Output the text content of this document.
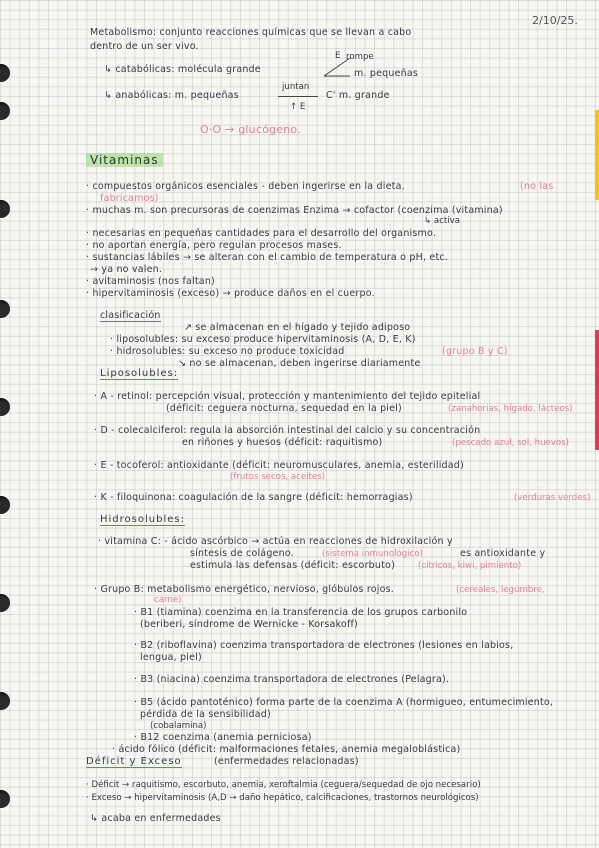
2/10/25.
Metabolismo: conjunto reacciones químicas que se llevan a cabo
dentro de un ser vivo.
↳ catabólicas: molécula grande
rompe
E
m. pequeñas
↳ anabólicas: m. pequeñas
juntan
↑ E
C' m. grande
O·O → glucógeno.
Vitaminas
· compuestos orgánicos esenciales - deben ingerirse en la dieta.	(no las
fabricamos)
· muchas m. son precursoras de coenzimas Enzima → cofactor (coenzima (vitamina)
↳ activa
· necesarias en pequeñas cantidades para el desarrollo del organismo.
· no aportan energía, pero regulan procesos mases.
· sustancias lábiles → se alteran con el cambio de temperatura o pH, etc.
→ ya no valen.
· avitaminosis (nos faltan)
· hipervitaminosis (exceso) → produce daños en el cuerpo.
clasificación
↗ se almacenan en el hígado y tejido adiposo
· liposolubles: su exceso produce hipervitaminosis (A, D, E, K)
· hidrosolubles: su exceso no produce toxicidad	(grupo B y C)
↘ no se almacenan, deben ingerirse diariamente
Liposolubles:
· A - retinol: percepción visual, protección y mantenimiento del tejido epitelial
(déficit: ceguera nocturna, sequedad en la piel)	(zanahorias, hígado, lácteos)
· D - colecalciferol: regula la absorción intestinal del calcio y su concentración
en riñones y huesos (déficit: raquitismo)	(pescado azul, sol, huevos)
· E - tocoferol: antioxidante (déficit: neuromusculares, anemia, esterilidad)
(frutos secos, aceites)
· K - filoquinona: coagulación de la sangre (déficit: hemorragias)	(verduras verdes)
Hidrosolubles:
· vitamina C: - ácido ascórbico → actúa en reacciones de hidroxilación y
síntesis de colágeno.	(sistema inmunológico)	es antioxidante y
estimula las defensas (déficit: escorbuto)	(cítricos, kiwi, pimiento)
· Grupo B: metabolismo energético, nervioso, glóbulos rojos.	(cereales, legumbre,
carne)
· B1 (tiamina) coenzima en la transferencia de los grupos carbonilo
(beriberi, síndrome de Wernicke - Korsakoff)
· B2 (riboflavina) coenzima transportadora de electrones (lesiones en labios,
lengua, piel)
· B3 (niacina) coenzima transportadora de electrones (Pelagra).
· B5 (ácido pantoténico) forma parte de la coenzima A (hormigueo, entumecimiento,
pérdida de la sensibilidad)
(cobalamina)
· B12 coenzima (anemia perniciosa)
· ácido fólico (déficit: malformaciones fetales, anemia megaloblástica)
Déficit y Exceso	(enfermedades relacionadas)
· Déficit → raquitismo, escorbuto, anemia, xeroftalmia (ceguera/sequedad de ojo necesario)
· Exceso → hipervitaminosis (A,D → daño hepático, calcificaciones, trastornos neurológicos)
↳ acaba en enfermedades
